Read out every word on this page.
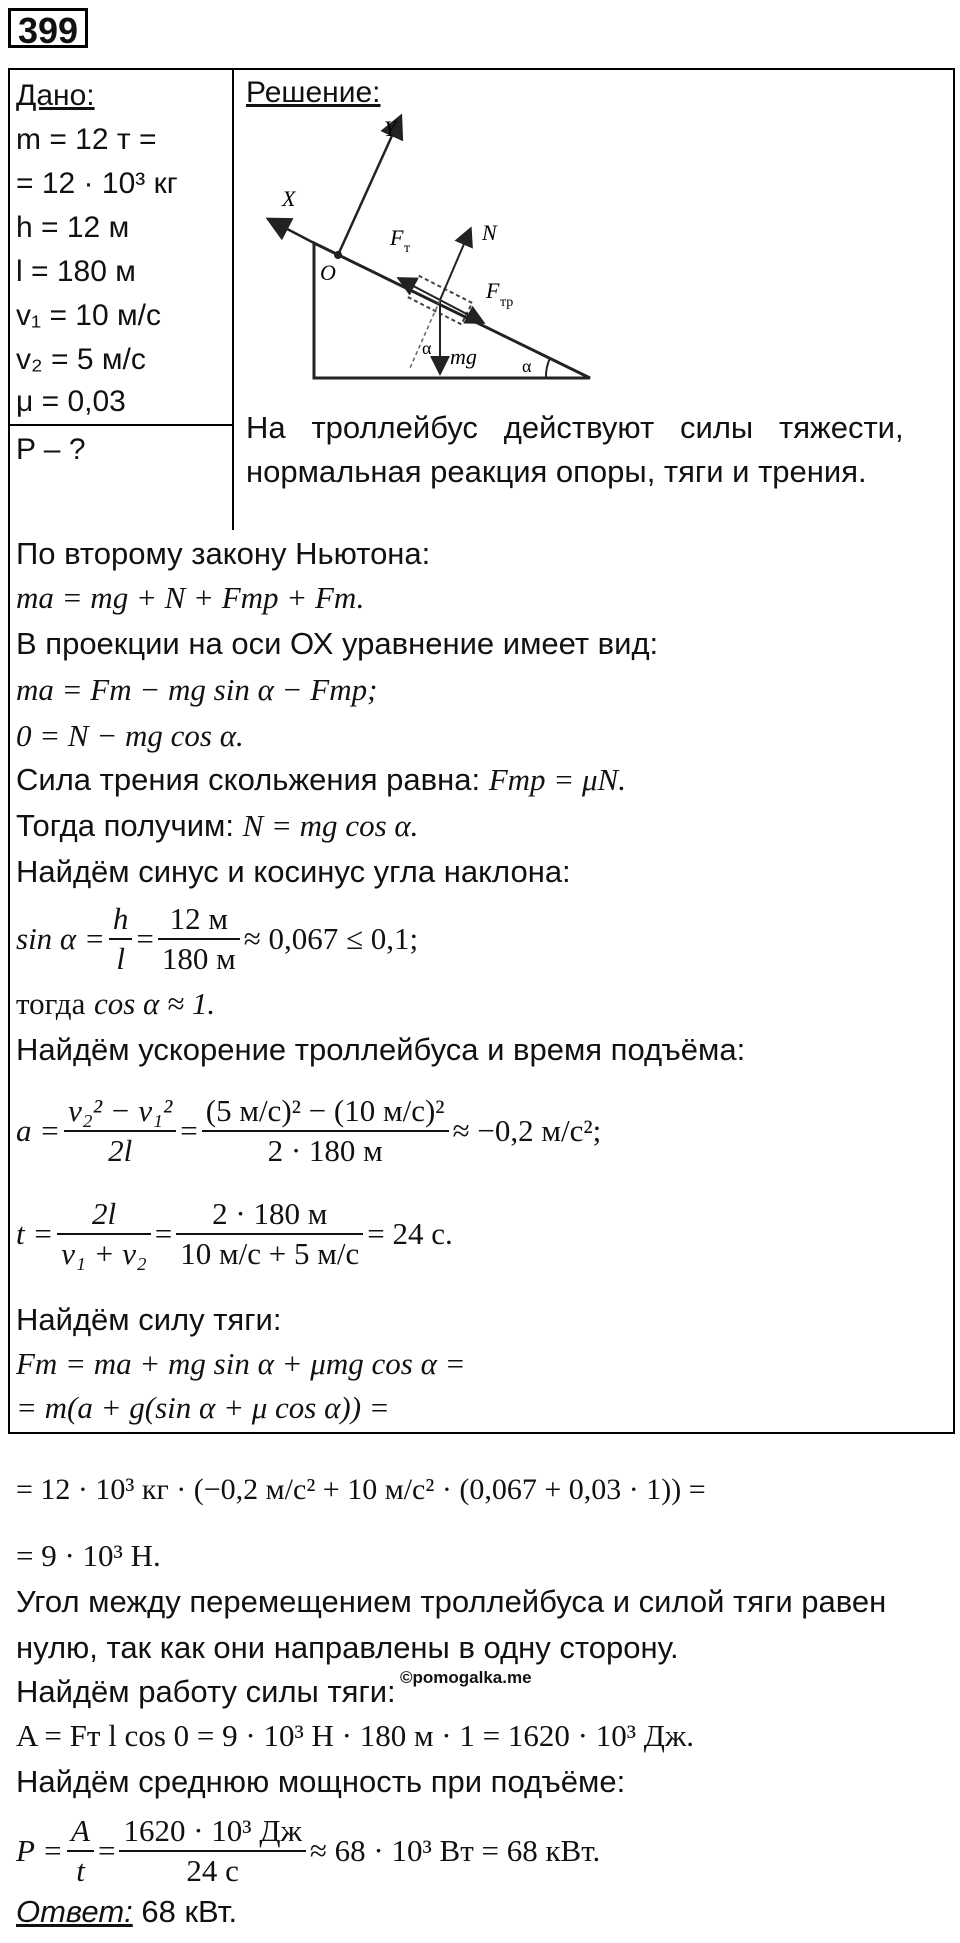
399
Дано:
m = 12 т =
= 12 · 10³ кг
h = 12 м
l = 180 м
v₁ = 10 м/с
v₂ = 5 м/с
μ = 0,03
P – ?
Решение:
Y
X
O
F т
N
F тр
mg
α
α
На   троллейбус   действуют   силы   тяжести,
нормальная реакция опоры, тяги и трения.
По второму закону Ньютона:
ma = mg + N + Fтр + Fт.
В проекции на оси ОХ уравнение имеет вид:
ma = Fт − mg sin α − Fтр;
0 = N − mg cos α.
Сила трения скольжения равна: Fтр = μN.
Тогда получим: N = mg cos α.
Найдём синус и косинус угла наклона:
$\sin \alpha = \frac{h}{l} = \frac{12 м}{180 м} \approx 0,067 \le 0,1$;
тогда cos α ≈ 1.
Найдём ускорение троллейбуса и время подъёма:
$a = \frac{\text{v₂² − v₁²}}{2l} = \frac{\text{(5 м/с)² − (10 м/с)²}}{2 \cdot 180 м} \approx -0,2$ м/с²;
$t = \frac{2l}{\text{v₁ + v₂}} = \frac{2 \cdot 180 м}{10 м/с + 5 м/с} = 24$ с.
Найдём силу тяги:
Fт = ma + mg sin α + μmg cos α =
= m(a + g(sin α + μ cos α)) =
= 12 · 10³ кг · (−0,2 м/с² + 10 м/с² · (0,067 + 0,03 · 1)) =
= 9 · 10³ Н.
Угол между перемещением троллейбуса и силой тяги равен
нулю, так как они направлены в одну сторону.
©pomogalka.me
Найдём работу силы тяги:
A = Fт l cos 0 = 9 · 10³ Н · 180 м · 1 = 1620 · 10³ Дж.
Найдём среднюю мощность при подъёме:
$P = \frac{A}{t} = \frac{\text{1620 · 10³ Дж}}{24 с} \approx 68 \cdot 10^3$ Вт = 68 кВт.
Ответ: 68 кВт.
